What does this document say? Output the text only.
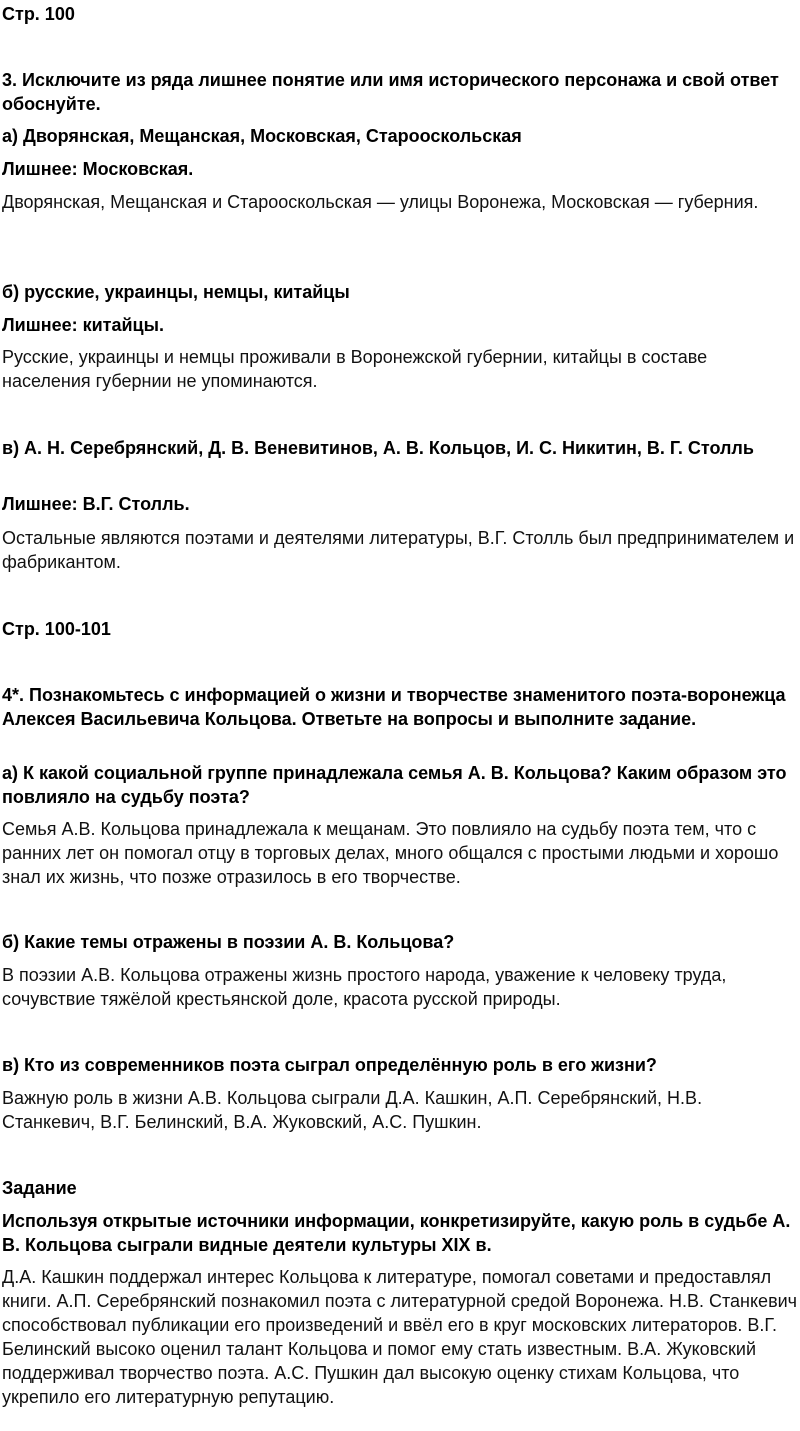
Стр. 100

3. Исключите из ряда лишнее понятие или имя исторического персонажа и свой ответ обоснуйте.

а) Дворянская, Мещанская, Московская, Старооскольская

Лишнее: Московская.

Дворянская, Мещанская и Старооскольская — улицы Воронежа, Московская — губерния.

б) русские, украинцы, немцы, китайцы

Лишнее: китайцы.

Русские, украинцы и немцы проживали в Воронежской губернии, китайцы в составе населения губернии не упоминаются.

в) А. Н. Серебрянский, Д. В. Веневитинов, А. В. Кольцов, И. С. Никитин, В. Г. Столль

Лишнее: В.Г. Столль.

Остальные являются поэтами и деятелями литературы, В.Г. Столль был предпринимателем и фабрикантом.

Стр. 100-101

4*. Познакомьтесь с информацией о жизни и творчестве знаменитого поэта-воронежца Алексея Васильевича Кольцова. Ответьте на вопросы и выполните задание.

а) К какой социальной группе принадлежала семья А. В. Кольцова? Каким образом это повлияло на судьбу поэта?

Семья А.В. Кольцова принадлежала к мещанам. Это повлияло на судьбу поэта тем, что с ранних лет он помогал отцу в торговых делах, много общался с простыми людьми и хорошо знал их жизнь, что позже отразилось в его творчестве.

б) Какие темы отражены в поэзии А. В. Кольцова?

В поэзии А.В. Кольцова отражены жизнь простого народа, уважение к человеку труда, сочувствие тяжёлой крестьянской доле, красота русской природы.

в) Кто из современников поэта сыграл определённую роль в его жизни?

Важную роль в жизни А.В. Кольцова сыграли Д.А. Кашкин, А.П. Серебрянский, Н.В. Станкевич, В.Г. Белинский, В.А. Жуковский, А.С. Пушкин.

Задание

Используя открытые источники информации, конкретизируйте, какую роль в судьбе А. В. Кольцова сыграли видные деятели культуры XIX в.

Д.А. Кашкин поддержал интерес Кольцова к литературе, помогал советами и предоставлял книги. А.П. Серебрянский познакомил поэта с литературной средой Воронежа. Н.В. Станкевич способствовал публикации его произведений и ввёл его в круг московских литераторов. В.Г. Белинский высоко оценил талант Кольцова и помог ему стать известным. В.А. Жуковский поддерживал творчество поэта. А.С. Пушкин дал высокую оценку стихам Кольцова, что укрепило его литературную репутацию.
